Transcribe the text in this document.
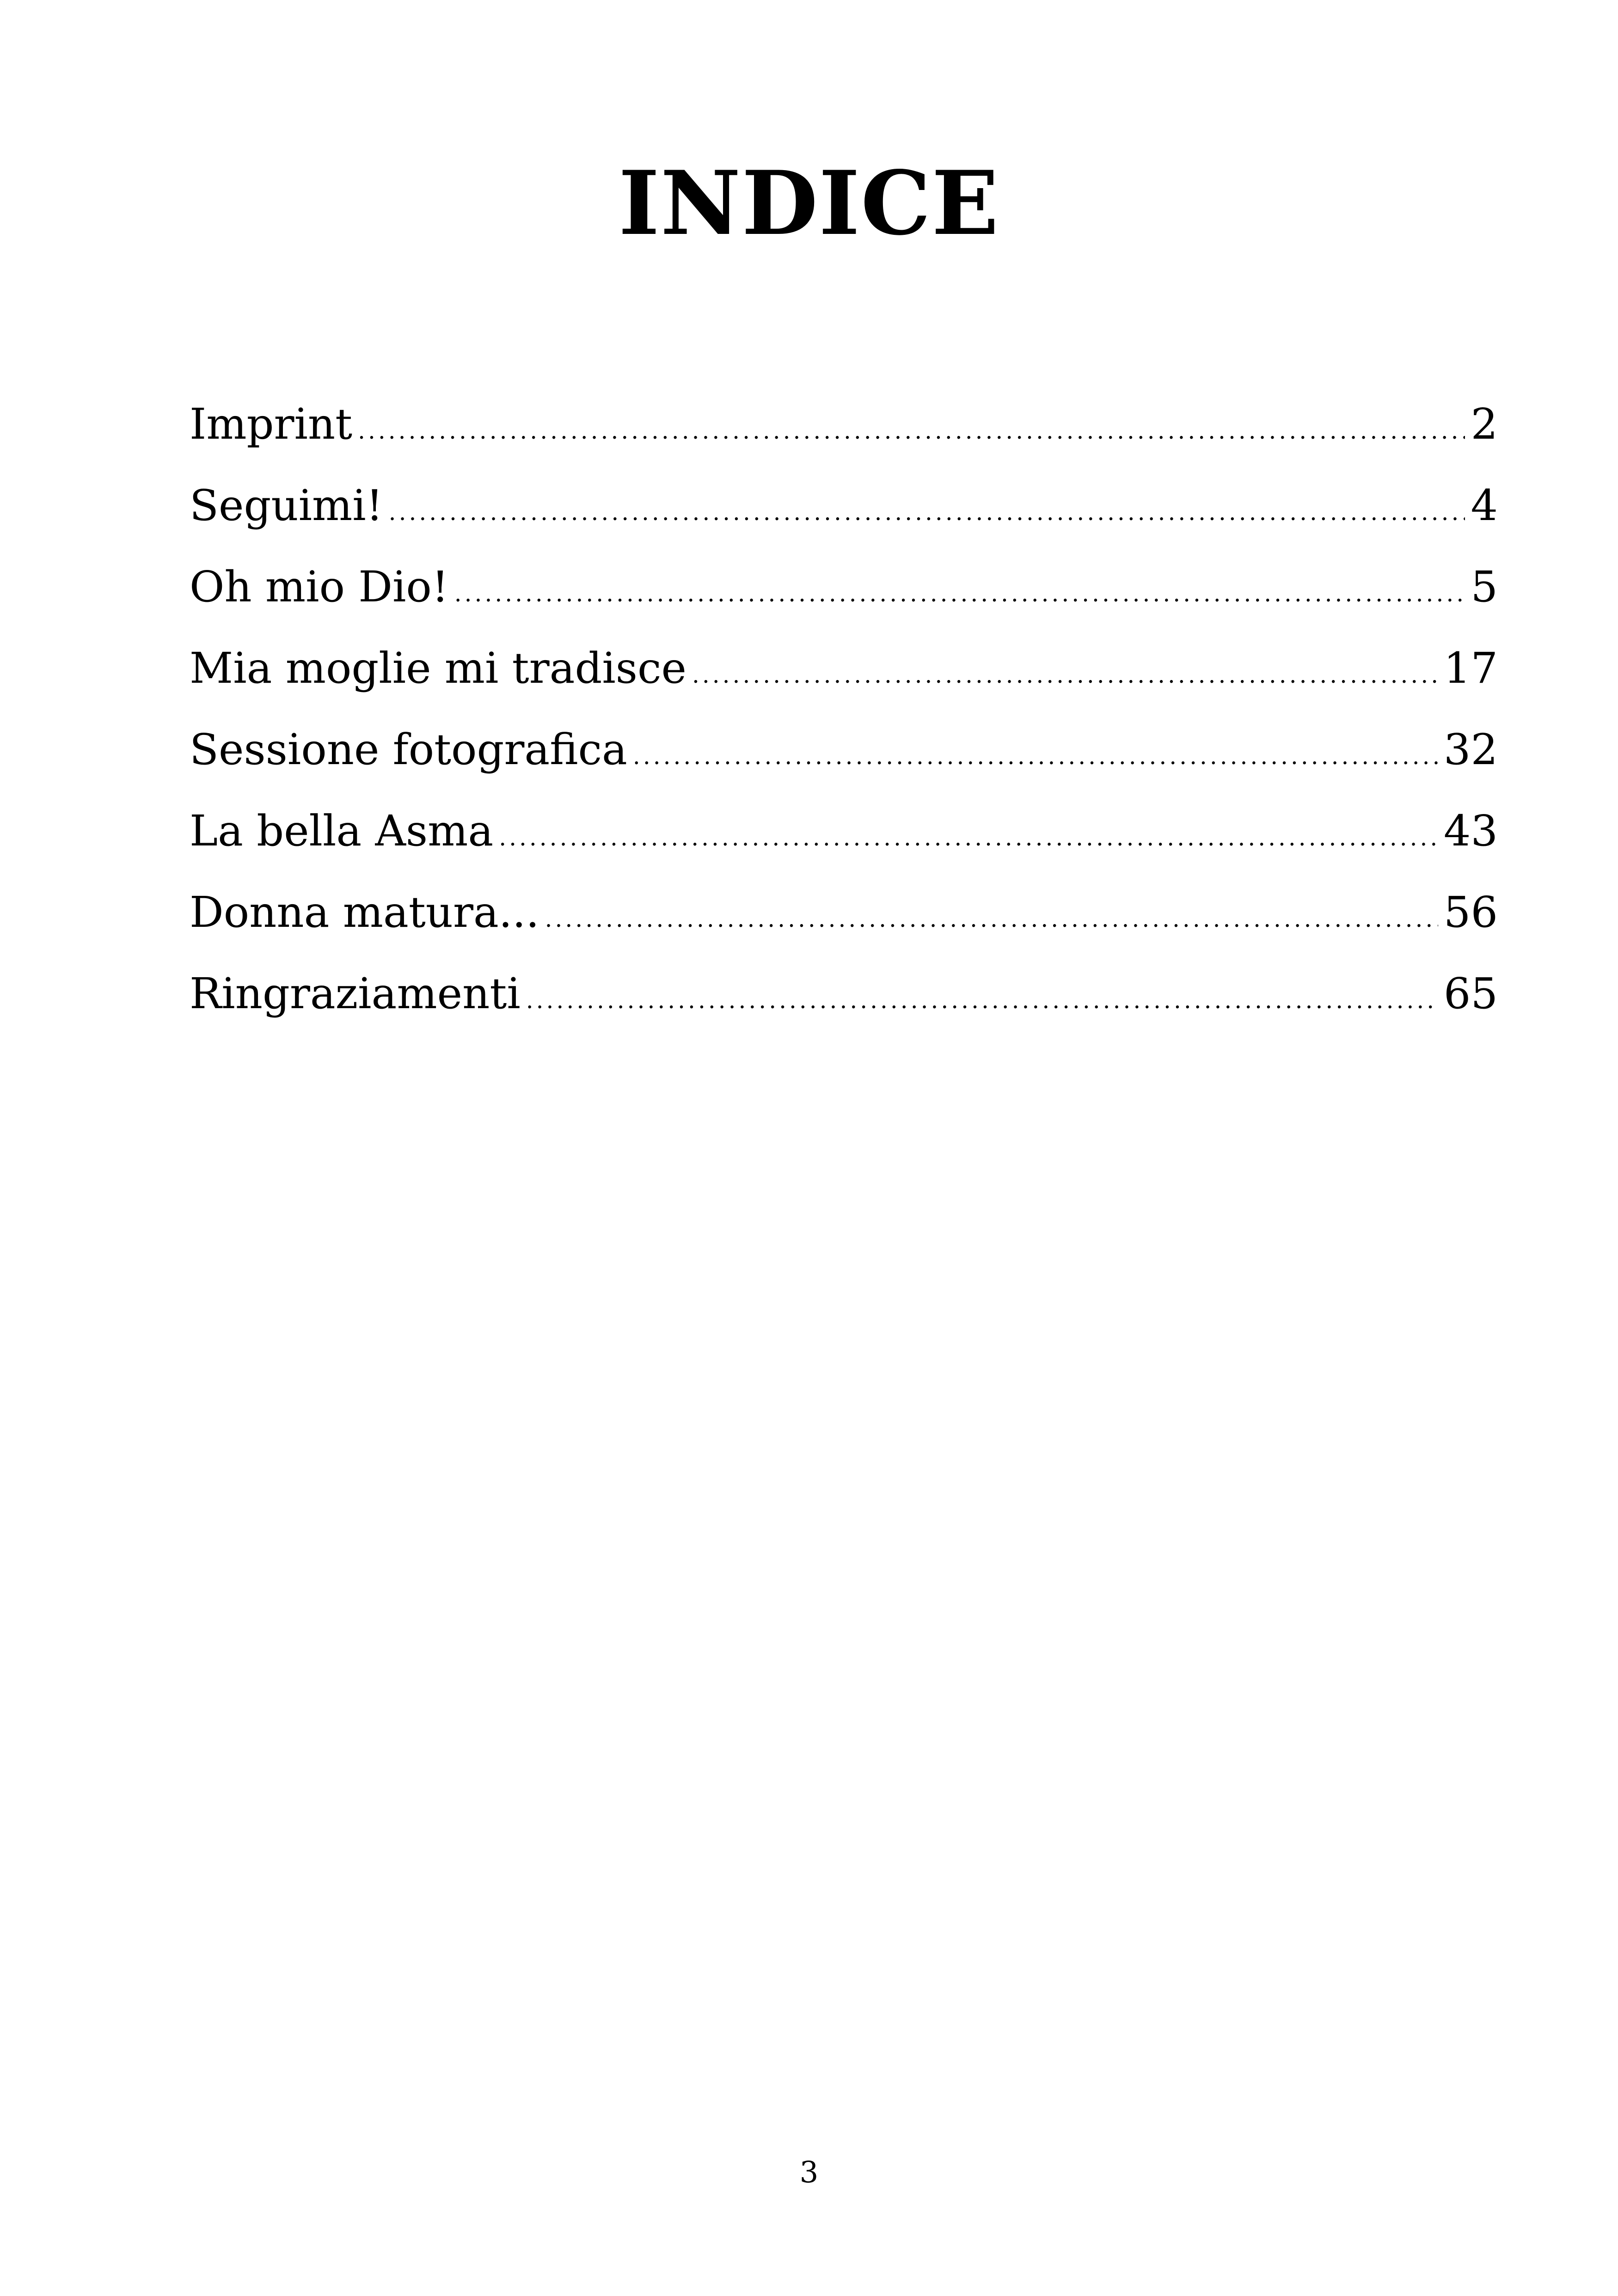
INDICE
Imprint .....	2
Seguimi! .....	4
Oh mio Dio! .....	5
Mia moglie mi tradisce .....	17
Sessione fotografica .....	32
La bella Asma .....	43
Donna matura... .....	56
Ringraziamenti .....	65
3
